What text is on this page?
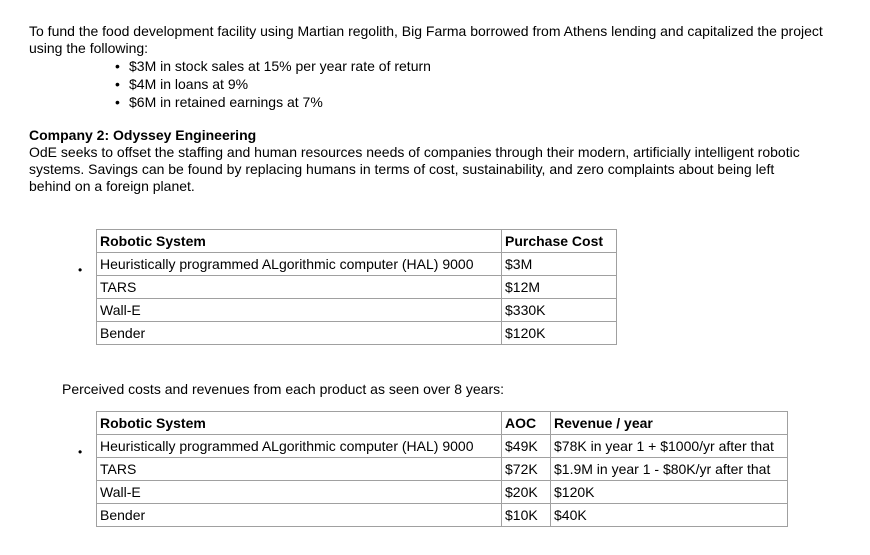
To fund the food development facility using Martian regolith, Big Farma borrowed from Athens lending and capitalized the project using the following:

• $3M in stock sales at 15% per year rate of return
• $4M in loans at 9%
• $6M in retained earnings at 7%

Company 2: Odyssey Engineering

OdE seeks to offset the staffing and human resources needs of companies through their modern, artificially intelligent robotic systems. Savings can be found by replacing humans in terms of cost, sustainability, and zero complaints about being left behind on a foreign planet.

•
Robotic System	Purchase Cost
Heuristically programmed ALgorithmic computer (HAL) 9000	$3M
TARS	$12M
Wall-E	$330K
Bender	$120K

Perceived costs and revenues from each product as seen over 8 years:

•
Robotic System	AOC	Revenue / year
Heuristically programmed ALgorithmic computer (HAL) 9000	$49K	$78K in year 1 + $1000/yr after that
TARS	$72K	$1.9M in year 1 - $80K/yr after that
Wall-E	$20K	$120K
Bender	$10K	$40K
